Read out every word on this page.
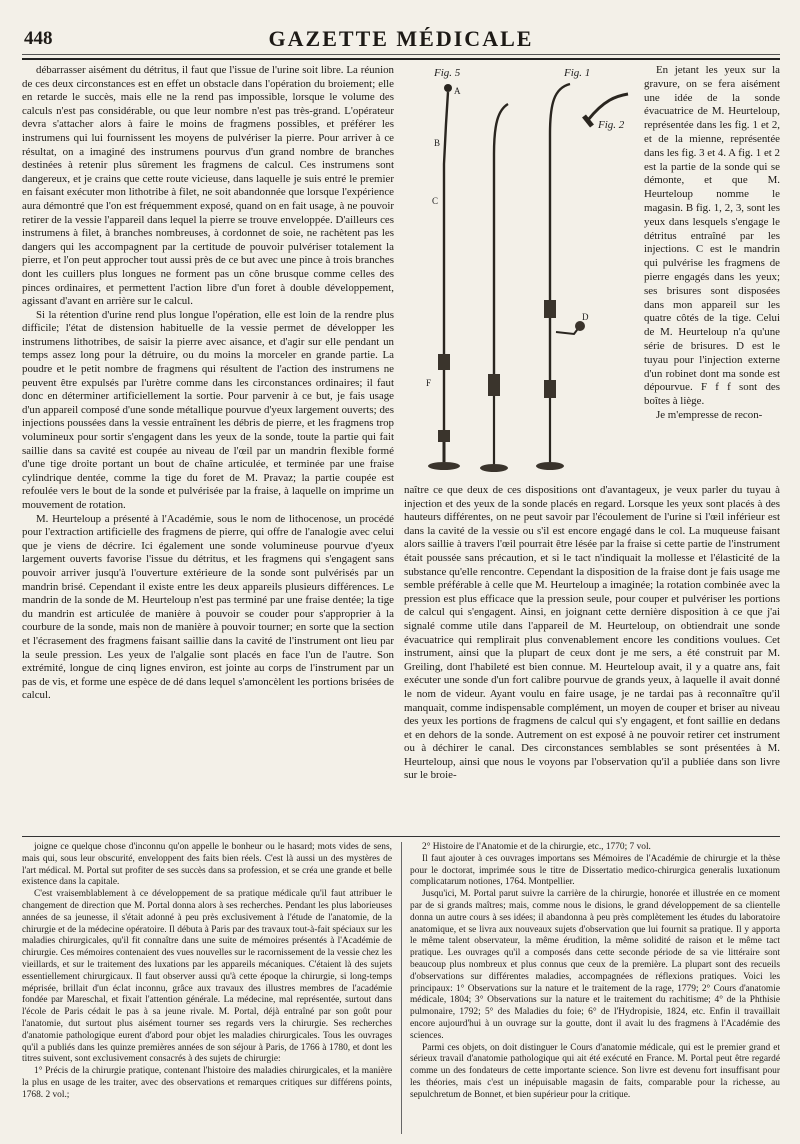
448	GAZETTE MÉDICALE

débarrasser aisément du détritus, il faut que l'issue de l'urine soit libre. La réunion de ces deux circonstances est en effet un obstacle dans l'opération du broiement; elle en retarde le succès, mais elle ne la rend pas impossible, lorsque le volume des calculs n'est pas considérable, ou que leur nombre n'est pas très-grand. L'opérateur devra s'attacher alors à faire le moins de fragmens possibles, et préférer les instrumens qui lui fournissent les moyens de pulvériser la pierre. Pour arriver à ce résultat, on a imaginé des instrumens pourvus d'un grand nombre de branches destinées à retenir plus sûrement les fragmens de calcul. Ces instrumens sont dangereux, et je crains que cette route vicieuse, dans laquelle je suis entré le premier en faisant exécuter mon lithotribe à filet, ne soit abandonnée que lorsque l'expérience aura démontré que l'on est fréquemment exposé, quand on en fait usage, à ne pouvoir retirer de la vessie l'appareil dans lequel la pierre se trouve enveloppée. D'ailleurs ces instrumens à filet, à branches nombreuses, à cordonnet de soie, ne rachètent pas les dangers qui les accompagnent par la certitude de pouvoir pulvériser totalement la pierre, et l'on peut approcher tout aussi près de ce but avec une pince à trois branches dont les cuillers plus longues ne forment pas un cône brusque comme celles des pinces ordinaires, et permettent l'action libre d'un foret à double développement, agissant d'avant en arrière sur le calcul.

Si la rétention d'urine rend plus longue l'opération, elle est loin de la rendre plus difficile; l'état de distension habituelle de la vessie permet de développer les instrumens lithotribes, de saisir la pierre avec aisance, et d'agir sur elle pendant un temps assez long pour la détruire, ou du moins la morceler en grande partie. La poudre et le petit nombre de fragmens qui résultent de l'action des instrumens ne peuvent être expulsés par l'urètre comme dans les circonstances ordinaires; il faut donc en déterminer artificiellement la sortie. Pour parvenir à ce but, je fais usage d'un appareil composé d'une sonde métallique pourvue d'yeux largement ouverts; des injections poussées dans la vessie entraînent les débris de pierre, et les fragmens trop volumineux pour sortir s'engagent dans les yeux de la sonde, toute la partie qui fait saillie dans sa cavité est coupée au niveau de l'œil par un mandrin flexible formé d'une tige droite portant un bout de chaîne articulée, et terminée par une fraise cylindrique dentée, comme la tige du foret de M. Pravaz; la partie coupée est refoulée vers le bout de la sonde et pulvérisée par la fraise, à laquelle on imprime un mouvement de rotation.

M. Heurteloup a présenté à l'Académie, sous le nom de lithocenose, un procédé pour l'extraction artificielle des fragmens de pierre, qui offre de l'analogie avec celui que je viens de décrire. Ici également une sonde volumineuse pourvue d'yeux largement ouverts favorise l'issue du détritus, et les fragmens qui s'engagent sans pouvoir arriver jusqu'à l'ouverture extérieure de la sonde sont pulvérisés par un mandrin brisé. Cependant il existe entre les deux appareils plusieurs différences. Le mandrin de la sonde de M. Heurteloup n'est pas terminé par une fraise dentée; la tige du mandrin est articulée de manière à pouvoir se couder pour s'approprier à la courbure de la sonde, mais non de manière à pouvoir tourner; en sorte que la section et l'écrasement des fragmens faisant saillie dans la cavité de l'instrument ont lieu par la seule pression. Les yeux de l'algalie sont placés en face l'un de l'autre. Son extrémité, longue de cinq lignes environ, est jointe au corps de l'instrument par un pas de vis, et forme une espèce de dé dans lequel s'amoncèlent les portions brisées de calcul.

Fig. 5	Fig. 1
Fig. 2
A
B
C
D
F

En jetant les yeux sur la gravure, on se fera aisément une idée de la sonde évacuatrice de M. Heurteloup, représentée dans les fig. 1 et 2, et de la mienne, représentée dans les fig. 3 et 4. A fig. 1 et 2 est la partie de la sonde qui se démonte, et que M. Heurteloup nomme le magasin. B fig. 1, 2, 3, sont les yeux dans lesquels s'engage le détritus entraîné par les injections. C est le mandrin qui pulvérise les fragmens de pierre engagés dans les yeux; ses brisures sont disposées dans mon appareil sur les quatre côtés de la tige. Celui de M. Heurteloup n'a qu'une série de brisures. D est le tuyau pour l'injection externe d'un robinet dont ma sonde est dépourvue. F f f sont des boîtes à liège.

Je m'empresse de recon-

naître ce que deux de ces dispositions ont d'avantageux, je veux parler du tuyau à injection et des yeux de la sonde placés en regard. Lorsque les yeux sont placés à des hauteurs différentes, on ne peut savoir par l'écoulement de l'urine si l'œil inférieur est dans la cavité de la vessie ou s'il est encore engagé dans le col. La muqueuse faisant alors saillie à travers l'œil pourrait être lésée par la fraise si cette partie de l'instrument était poussée sans précaution, et si le tact n'indiquait la mollesse et l'élasticité de la substance qu'elle rencontre. Cependant la disposition de la fraise dont je fais usage me semble préférable à celle que M. Heurteloup a imaginée; la rotation combinée avec la pression est plus efficace que la pression seule, pour couper et pulvériser les portions de calcul qui s'engagent. Ainsi, en joignant cette dernière disposition à ce que j'ai signalé comme utile dans l'appareil de M. Heurteloup, on obtiendrait une sonde évacuatrice qui remplirait plus convenablement encore les conditions voulues. Cet instrument, ainsi que la plupart de ceux dont je me sers, a été construit par M. Greiling, dont l'habileté est bien connue. M. Heurteloup avait, il y a quatre ans, fait exécuter une sonde d'un fort calibre pourvue de grands yeux, à laquelle il avait donné le nom de videur. Ayant voulu en faire usage, je ne tardai pas à reconnaître qu'il manquait, comme indispensable complément, un moyen de couper et briser au niveau des yeux les portions de fragmens de calcul qui s'y engagent, et font saillie en dedans et en dehors de la sonde. Autrement on est exposé à ne pouvoir retirer cet instrument ou à déchirer le canal. Des circonstances semblables se sont présentées à M. Heurteloup, ainsi que nous le voyons par l'observation qu'il a publiée dans son livre sur le broie-

joigne ce quelque chose d'inconnu qu'on appelle le bonheur ou le hasard; mots vides de sens, mais qui, sous leur obscurité, enveloppent des faits bien réels. C'est là aussi un des mystères de l'art médical. M. Portal sut profiter de ses succès dans sa profession, et se créa une grande et belle existence dans la capitale.

C'est vraisemblablement à ce développement de sa pratique médicale qu'il faut attribuer le changement de direction que M. Portal donna alors à ses recherches. Pendant les plus laborieuses années de sa jeunesse, il s'était adonné à peu près exclusivement à l'étude de l'anatomie, de la chirurgie et de la médecine opératoire. Il débuta à Paris par des travaux tout-à-fait spéciaux sur les maladies chirurgicales, qu'il fit connaître dans une suite de mémoires présentés à l'Académie de chirurgie. Ces mémoires contenaient des vues nouvelles sur le racornissement de la vessie chez les vieillards, et sur le traitement des luxations par les appareils mécaniques. C'étaient là des sujets essentiellement chirurgicaux. Il faut observer aussi qu'à cette époque la chirurgie, si long-temps méprisée, brillait d'un éclat inconnu, grâce aux travaux des illustres membres de l'académie fondée par Mareschal, et fixait l'attention générale. La médecine, mal représentée, surtout dans l'école de Paris cédait le pas à sa jeune rivale. M. Portal, déjà entraîné par son goût pour l'anatomie, dut surtout plus aisément tourner ses regards vers la chirurgie. Ses recherches d'anatomie pathologique eurent d'abord pour objet les maladies chirurgicales. Tous les ouvrages qu'il a publiés dans les quinze premières années de son séjour à Paris, de 1766 à 1780, et dont les titres suivent, sont exclusivement consacrés à des sujets de chirurgie:

1° Précis de la chirurgie pratique, contenant l'histoire des maladies chirurgicales, et la manière la plus en usage de les traiter, avec des observations et remarques critiques sur différens points, 1768. 2 vol.;

2° Histoire de l'Anatomie et de la chirurgie, etc., 1770; 7 vol.

Il faut ajouter à ces ouvrages importans ses Mémoires de l'Académie de chirurgie et la thèse pour le doctorat, imprimée sous le titre de Dissertatio medico-chirurgica generalis luxationum complicatarum notiones, 1764. Montpellier.

Jusqu'ici, M. Portal parut suivre la carrière de la chirurgie, honorée et illustrée en ce moment par de si grands maîtres; mais, comme nous le disions, le grand développement de sa clientelle donna un autre cours à ses idées; il abandonna à peu près complètement les études du laboratoire anatomique, et se livra aux nouveaux sujets d'observation que lui fournit sa pratique. Il y apporta le même talent observateur, la même érudition, la même solidité de raison et le même tact pratique. Les ouvrages qu'il a composés dans cette seconde période de sa vie littéraire sont beaucoup plus nombreux et plus connus que ceux de la première. La plupart sont des recueils d'observations sur différentes maladies, accompagnées de réflexions pratiques. Voici les principaux: 1° Observations sur la nature et le traitement de la rage, 1779; 2° Cours d'anatomie médicale, 1804; 3° Observations sur la nature et le traitement du rachitisme; 4° de la Phthisie pulmonaire, 1792; 5° des Maladies du foie; 6° de l'Hydropisie, 1824, etc. Enfin il travaillait encore aujourd'hui à un ouvrage sur la goutte, dont il avait lu des fragmens à l'Académie des sciences.

Parmi ces objets, on doit distinguer le Cours d'anatomie médicale, qui est le premier grand et sérieux travail d'anatomie pathologique qui ait été exécuté en France. M. Portal peut être regardé comme un des fondateurs de cette importante science. Son livre est devenu fort insuffisant pour les théories, mais c'est un inépuisable magasin de faits, comparable pour la richesse, au sepulchretum de Bonnet, et bien supérieur pour la critique.
